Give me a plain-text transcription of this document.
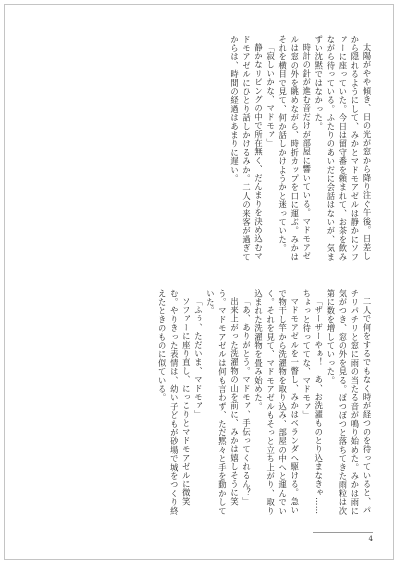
太陽がやや傾き、日の光が窓から降り注ぐ午後。日差しから隠れるようにして、みかとマドモアゼルは静かにソファーに座っていた。今日は留守番を頼まれて、お茶を飲みながら待っている。ふたりのあいだに会話はないが、気まずい沈黙ではなかった。

時計の針が進む音だけが部屋に響いている。マドモアゼルは窓の外を眺めながら、時折カップを口に運ぶ。みかはそれを横目で見て、何か話しかけようかと迷っていた。

「寂しいかな、マドモァ」

静かなリビングの中で所在無く、だんまりを決め込むマドモアゼルにひとり話しかけるみか。二人の来客が過ぎてからは、時間の経過はあまりに遅い。

二人で何をするでもなく時が経つのを待っていると、パチリパチリと窓に雨の当たる音が鳴り始めた。みかは雨に気がつき、窓の外を見る。ぽつぽつと落ちてきた雨粒は次第に数を増していった。

「ザーザーやぁ！　あ、お洗濯ものとり込まなきゃ……ちょっと待っててな、マドモァ」

マドモアゼルを一瞥し、みかはベランダへ駆ける。急いで物干し竿から洗濯物を取り込み、部屋の中へと運んでいく。それを見て、マドモアゼルもそっと立ち上がり、取り込まれた洗濯物を畳み始めた。

「あ、ありがとう。マドモァ、手伝ってくれるん？」

出来上がった洗濯物の山を前に、みかは嬉しそうに笑う。マドモアゼルは何も言わず、ただ黙々と手を動かしていた。

「ふぅ、ただいま、マドモァ」

ソファーに座り直し、にっこりとマドモアゼルに微笑む。やりきった表情は、幼い子どもが砂場で城をつくり終えたときのものに似ている。

4
